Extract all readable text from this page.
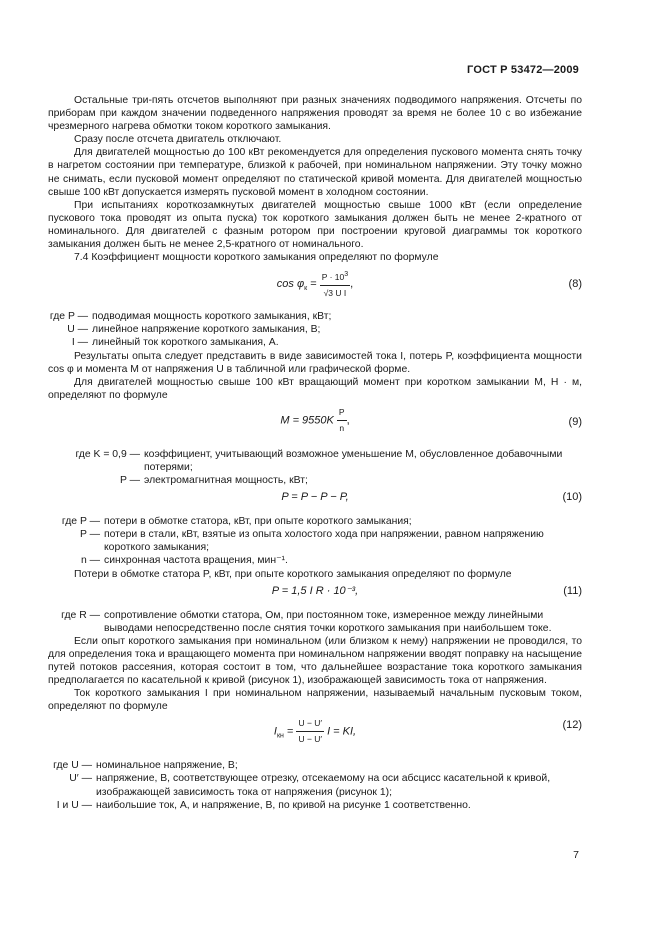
ГОСТ Р 53472—2009

Остальные три-пять отсчетов выполняют при разных значениях подводимого напряжения. Отсчеты по приборам при каждом значении подведенного напряжения проводят за время не более 10 с во избежание чрезмерного нагрева обмотки током короткого замыкания.

Сразу после отсчета двигатель отключают.

Для двигателей мощностью до 100 кВт рекомендуется для определения пускового момента снять точку в нагретом состоянии при температуре, близкой к рабочей, при номинальном напряжении. Эту точку можно не снимать, если пусковой момент определяют по статической кривой момента. Для двигателей мощностью свыше 100 кВт допускается измерять пусковой момент в холодном состоянии.

При испытаниях короткозамкнутых двигателей мощностью свыше 1000 кВт (если определение пускового тока проводят из опыта пуска) ток короткого замыкания должен быть не менее 2-кратного от номинального. Для двигателей с фазным ротором при построении круговой диаграммы ток короткого замыкания должен быть не менее 2,5-кратного от номинального.

7.4 Коэффициент мощности короткого замыкания определяют по формуле

$\cos \varphi_к = \frac{P \cdot 10^3}{\text{√3 U I}}$ ,	(8)
где P — подводимая мощность короткого замыкания, кВт;
U — линейное напряжение короткого замыкания, В;
I — линейный ток короткого замыкания, А.

Результаты опыта следует представить в виде зависимостей тока I, потерь P, коэффициента мощности cos φ и момента M от напряжения U в табличной или графической форме.

Для двигателей мощностью свыше 100 кВт вращающий момент при коротком замыкании M, Н · м, определяют по формуле

$M = 9550K \frac{P}{n}$ ,	(9)
где K = 0,9 — коэффициент, учитывающий возможное уменьшение M, обусловленное добавочными потерями;
P — электромагнитная мощность, кВт;
P = P − P − P,	(10)
где P — потери в обмотке статора, кВт, при опыте короткого замыкания;
P — потери в стали, кВт, взятые из опыта холостого хода при напряжении, равном напряжению короткого замыкания;
n — синхронная частота вращения, мин⁻¹.

Потери в обмотке статора P, кВт, при опыте короткого замыкания определяют по формуле

P = 1,5 I R · 10⁻³,	(11)
где R — сопротивление обмотки статора, Ом, при постоянном токе, измеренное между линейными выводами непосредственно после снятия точки короткого замыкания при наибольшем токе.

Если опыт короткого замыкания при номинальном (или близком к нему) напряжении не проводился, то для определения тока и вращающего момента при номинальном напряжении вводят поправку на насыщение путей потоков рассеяния, которая состоит в том, что дальнейшее возрастание тока короткого замыкания предполагается по касательной к кривой (рисунок 1), изображающей зависимость тока от напряжения.

Ток короткого замыкания I при номинальном напряжении, называемый начальным пусковым током, определяют по формуле

$I_{кн} = \frac{U - U'}{U - U'}$ I = KI,
(12)
где U — номинальное напряжение, В;
U′ — напряжение, В, соответствующее отрезку, отсекаемому на оси абсцисс касательной к кривой, изображающей зависимость тока от напряжения (рисунок 1);
I и U — наибольшие ток, А, и напряжение, В, по кривой на рисунке 1 соответственно.
7
